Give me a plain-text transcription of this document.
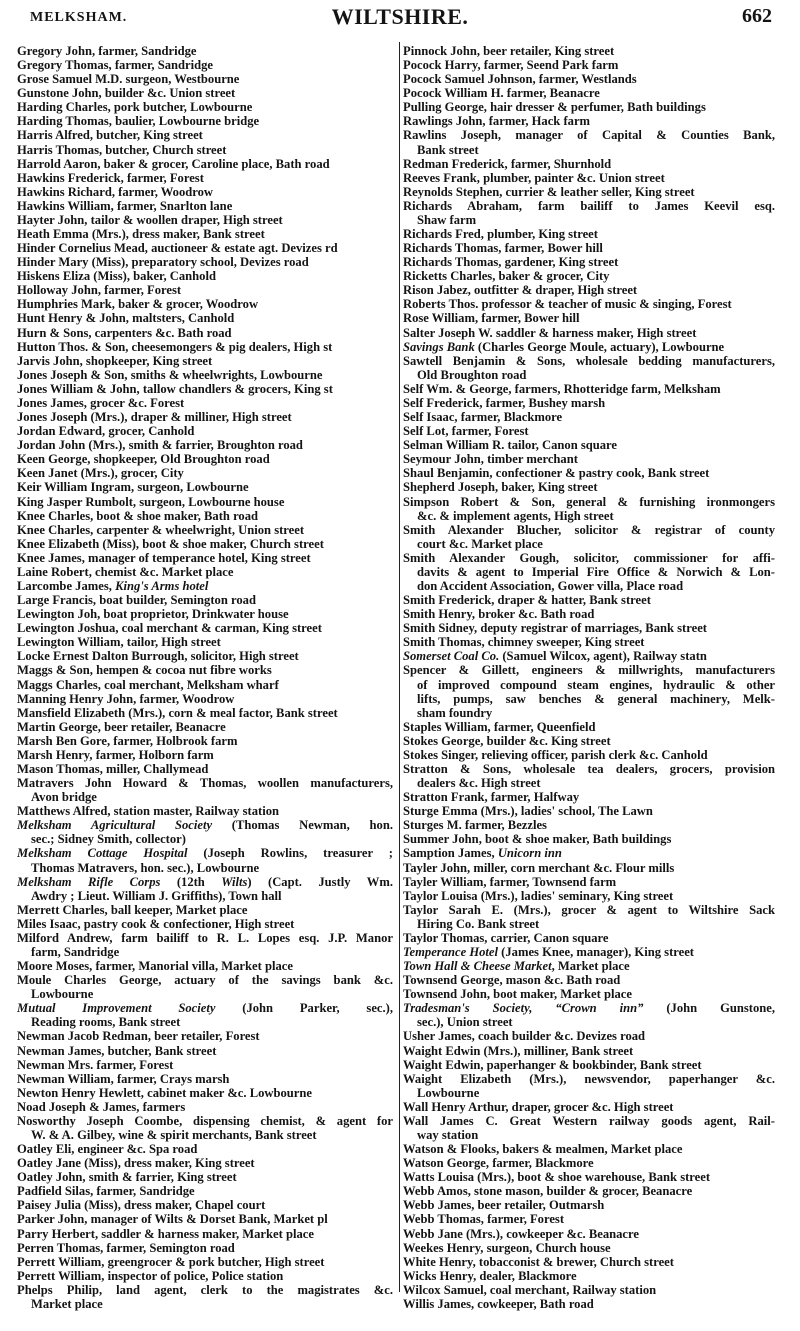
MELKSHAM.	WILTSHIRE.	662
Gregory John, farmer, Sandridge
Gregory Thomas, farmer, Sandridge
Grose Samuel M.D. surgeon, Westbourne
Gunstone John, builder &c. Union street
Harding Charles, pork butcher, Lowbourne
Harding Thomas, baulier, Lowbourne bridge
Harris Alfred, butcher, King street
Harris Thomas, butcher, Church street
Harrold Aaron, baker & grocer, Caroline place, Bath road
Hawkins Frederick, farmer, Forest
Hawkins Richard, farmer, Woodrow
Hawkins William, farmer, Snarlton lane
Hayter John, tailor & woollen draper, High street
Heath Emma (Mrs.), dress maker, Bank street
Hinder Cornelius Mead, auctioneer & estate agt. Devizes rd
Hinder Mary (Miss), preparatory school, Devizes road
Hiskens Eliza (Miss), baker, Canhold
Holloway John, farmer, Forest
Humphries Mark, baker & grocer, Woodrow
Hunt Henry & John, maltsters, Canhold
Hurn & Sons, carpenters &c. Bath road
Hutton Thos. & Son, cheesemongers & pig dealers, High st
Jarvis John, shopkeeper, King street
Jones Joseph & Son, smiths & wheelwrights, Lowbourne
Jones William & John, tallow chandlers & grocers, King st
Jones James, grocer &c. Forest
Jones Joseph (Mrs.), draper & milliner, High street
Jordan Edward, grocer, Canhold
Jordan John (Mrs.), smith & farrier, Broughton road
Keen George, shopkeeper, Old Broughton road
Keen Janet (Mrs.), grocer, City
Keir William Ingram, surgeon, Lowbourne
King Jasper Rumbolt, surgeon, Lowbourne house
Knee Charles, boot & shoe maker, Bath road
Knee Charles, carpenter & wheelwright, Union street
Knee Elizabeth (Miss), boot & shoe maker, Church street
Knee James, manager of temperance hotel, King street
Laine Robert, chemist &c. Market place
Larcombe James, King's Arms hotel
Large Francis, boat builder, Semington road
Lewington Joh, boat proprietor, Drinkwater house
Lewington Joshua, coal merchant & carman, King street
Lewington William, tailor, High street
Locke Ernest Dalton Burrough, solicitor, High street
Maggs & Son, hempen & cocoa nut fibre works
Maggs Charles, coal merchant, Melksham wharf
Manning Henry John, farmer, Woodrow
Mansfield Elizabeth (Mrs.), corn & meal factor, Bank street
Martin George, beer retailer, Beanacre
Marsh Ben Gore, farmer, Holbrook farm
Marsh Henry, farmer, Holborn farm
Mason Thomas, miller, Challymead
Matravers John Howard & Thomas, woollen manufacturers,
Avon bridge
Matthews Alfred, station master, Railway station
Melksham Agricultural Society (Thomas Newman, hon.
sec.; Sidney Smith, collector)
Melksham Cottage Hospital (Joseph Rowlins, treasurer ;
Thomas Matravers, hon. sec.), Lowbourne
Melksham Rifle Corps (12th Wilts) (Capt. Justly Wm.
Awdry ; Lieut. William J. Griffiths), Town hall
Merrett Charles, ball keeper, Market place
Miles Isaac, pastry cook & confectioner, High street
Milford Andrew, farm bailiff to R. L. Lopes esq. J.P. Manor
farm, Sandridge
Moore Moses, farmer, Manorial villa, Market place
Moule Charles George, actuary of the savings bank &c.
Lowbourne
Mutual Improvement Society (John Parker, sec.),
Reading rooms, Bank street
Newman Jacob Redman, beer retailer, Forest
Newman James, butcher, Bank street
Newman Mrs. farmer, Forest
Newman William, farmer, Crays marsh
Newton Henry Hewlett, cabinet maker &c. Lowbourne
Noad Joseph & James, farmers
Nosworthy Joseph Coombe, dispensing chemist, & agent for
W. & A. Gilbey, wine & spirit merchants, Bank street
Oatley Eli, engineer &c. Spa road
Oatley Jane (Miss), dress maker, King street
Oatley John, smith & farrier, King street
Padfield Silas, farmer, Sandridge
Paisey Julia (Miss), dress maker, Chapel court
Parker John, manager of Wilts & Dorset Bank, Market pl
Parry Herbert, saddler & harness maker, Market place
Perren Thomas, farmer, Semington road
Perrett William, greengrocer & pork butcher, High street
Perrett William, inspector of police, Police station
Phelps Philip, land agent, clerk to the magistrates &c.
Market place
Pinnock John, beer retailer, King street
Pocock Harry, farmer, Seend Park farm
Pocock Samuel Johnson, farmer, Westlands
Pocock William H. farmer, Beanacre
Pulling George, hair dresser & perfumer, Bath buildings
Rawlings John, farmer, Hack farm
Rawlins Joseph, manager of Capital & Counties Bank,
Bank street
Redman Frederick, farmer, Shurnhold
Reeves Frank, plumber, painter &c. Union street
Reynolds Stephen, currier & leather seller, King street
Richards Abraham, farm bailiff to James Keevil esq.
Shaw farm
Richards Fred, plumber, King street
Richards Thomas, farmer, Bower hill
Richards Thomas, gardener, King street
Ricketts Charles, baker & grocer, City
Rison Jabez, outfitter & draper, High street
Roberts Thos. professor & teacher of music & singing, Forest
Rose William, farmer, Bower hill
Salter Joseph W. saddler & harness maker, High street
Savings Bank (Charles George Moule, actuary), Lowbourne
Sawtell Benjamin & Sons, wholesale bedding manufacturers,
Old Broughton road
Self Wm. & George, farmers, Rhotteridge farm, Melksham
Self Frederick, farmer, Bushey marsh
Self Isaac, farmer, Blackmore
Self Lot, farmer, Forest
Selman William R. tailor, Canon square
Seymour John, timber merchant
Shaul Benjamin, confectioner & pastry cook, Bank street
Shepherd Joseph, baker, King street
Simpson Robert & Son, general & furnishing ironmongers
&c. & implement agents, High street
Smith Alexander Blucher, solicitor & registrar of county
court &c. Market place
Smith Alexander Gough, solicitor, commissioner for affi-
davits & agent to Imperial Fire Office & Norwich & Lon-
don Accident Association, Gower villa, Place road
Smith Frederick, draper & hatter, Bank street
Smith Henry, broker &c. Bath road
Smith Sidney, deputy registrar of marriages, Bank street
Smith Thomas, chimney sweeper, King street
Somerset Coal Co. (Samuel Wilcox, agent), Railway statn
Spencer & Gillett, engineers & millwrights, manufacturers
of improved compound steam engines, hydraulic & other
lifts, pumps, saw benches & general machinery, Melk-
sham foundry
Staples William, farmer, Queenfield
Stokes George, builder &c. King street
Stokes Singer, relieving officer, parish clerk &c. Canhold
Stratton & Sons, wholesale tea dealers, grocers, provision
dealers &c. High street
Stratton Frank, farmer, Halfway
Sturge Emma (Mrs.), ladies' school, The Lawn
Sturges M. farmer, Bezzles
Summer John, boot & shoe maker, Bath buildings
Samption James, Unicorn inn
Tayler John, miller, corn merchant &c. Flour mills
Tayler William, farmer, Townsend farm
Taylor Louisa (Mrs.), ladies' seminary, King street
Taylor Sarah E. (Mrs.), grocer & agent to Wiltshire Sack
Hiring Co. Bank street
Taylor Thomas, carrier, Canon square
Temperance Hotel (James Knee, manager), King street
Town Hall & Cheese Market, Market place
Townsend George, mason &c. Bath road
Townsend John, boot maker, Market place
Tradesman's Society, “Crown inn” (John Gunstone,
sec.), Union street
Usher James, coach builder &c. Devizes road
Waight Edwin (Mrs.), milliner, Bank street
Waight Edwin, paperhanger & bookbinder, Bank street
Waight Elizabeth (Mrs.), newsvendor, paperhanger &c.
Lowbourne
Wall Henry Arthur, draper, grocer &c. High street
Wall James C. Great Western railway goods agent, Rail-
way station
Watson & Flooks, bakers & mealmen, Market place
Watson George, farmer, Blackmore
Watts Louisa (Mrs.), boot & shoe warehouse, Bank street
Webb Amos, stone mason, builder & grocer, Beanacre
Webb James, beer retailer, Outmarsh
Webb Thomas, farmer, Forest
Webb Jane (Mrs.), cowkeeper &c. Beanacre
Weekes Henry, surgeon, Church house
White Henry, tobacconist & brewer, Church street
Wicks Henry, dealer, Blackmore
Wilcox Samuel, coal merchant, Railway station
Willis James, cowkeeper, Bath road
